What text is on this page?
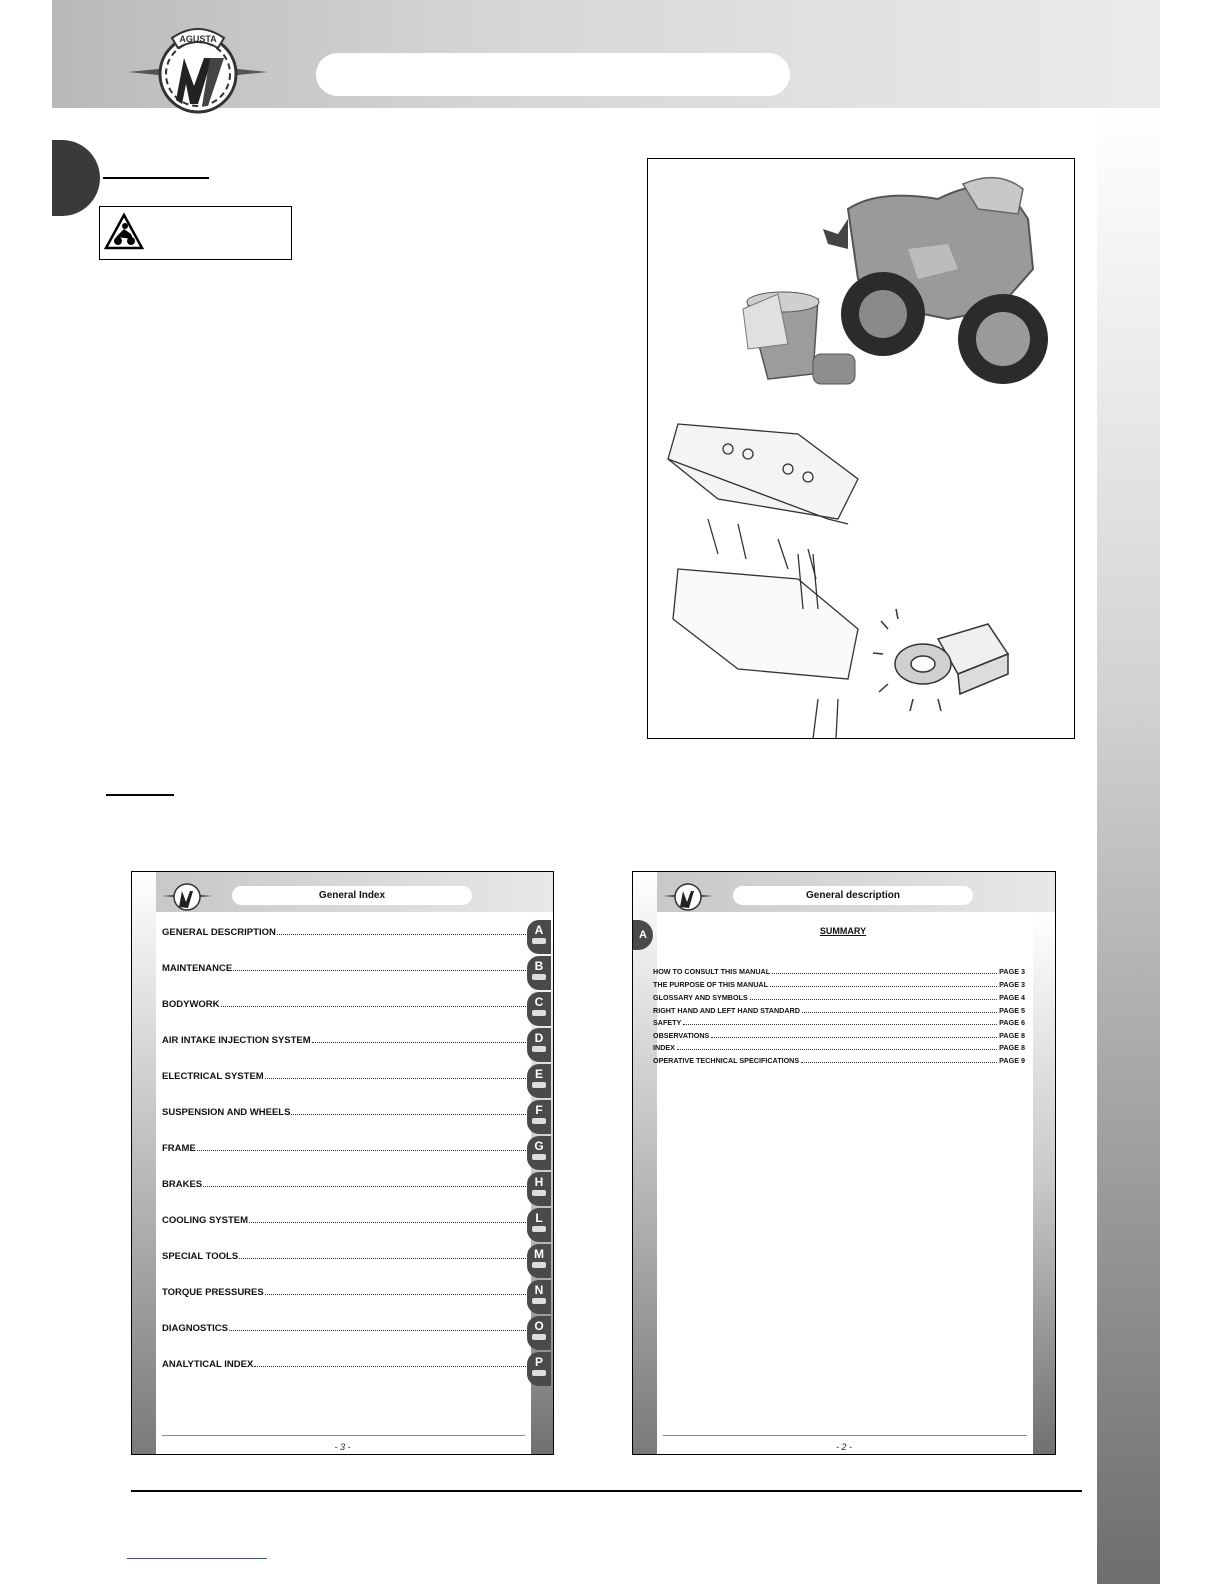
AGUSTA
General Index
GENERAL DESCRIPTION	A
MAINTENANCE	B
BODYWORK	C
AIR INTAKE INJECTION SYSTEM	D
ELECTRICAL SYSTEM	E
SUSPENSION AND WHEELS	F
FRAME	G
BRAKES	H
COOLING SYSTEM	L
SPECIAL TOOLS	M
TORQUE PRESSURES	N
DIAGNOSTICS	O
ANALYTICAL INDEX	P
- 3 -
General description
A	SUMMARY
HOW TO CONSULT THIS MANUAL	PAGE 3
THE PURPOSE OF THIS MANUAL	PAGE 3
GLOSSARY AND SYMBOLS	PAGE 4
RIGHT HAND AND LEFT HAND STANDARD	PAGE 5
SAFETY	PAGE 6
OBSERVATIONS	PAGE 8
INDEX	PAGE 8
OPERATIVE TECHNICAL SPECIFICATIONS	PAGE 9
- 2 -
